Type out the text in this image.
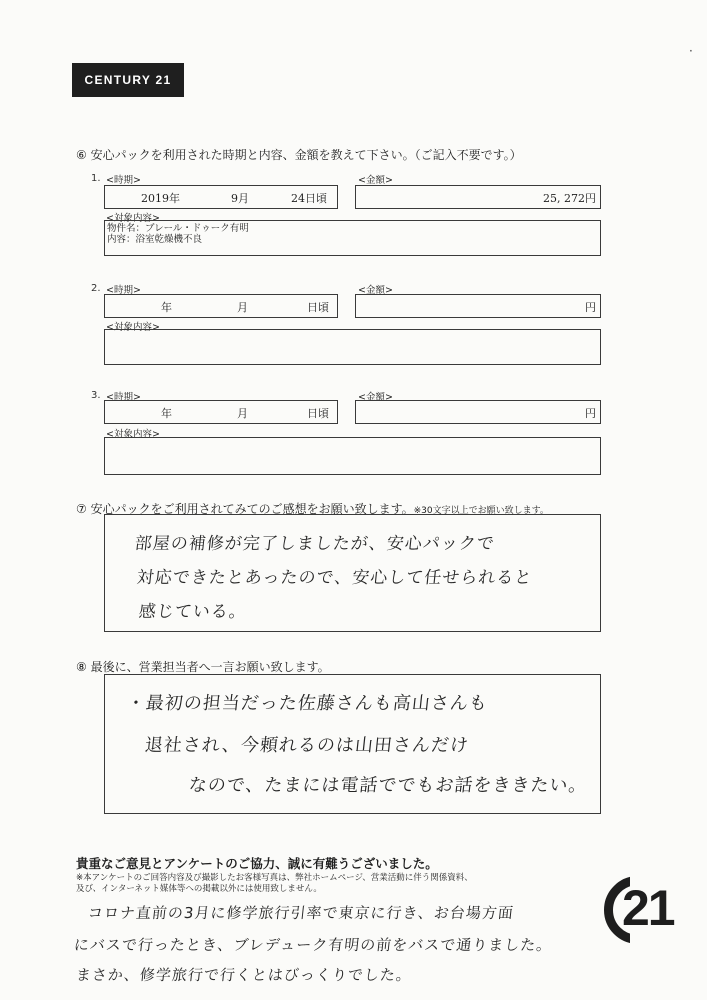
CENTURY 21
·
⑥ 安心パックを利用された時期と内容、金額を教えて下さい。（ご記入不要です。）
1. <時期>	<金額>
2019年	9月	24日頃	25, 272円
<対象内容>
物件名：ブレール・ドゥーク有明
内容：浴室乾燥機不良
2. <時期>	<金額>
年	月	日頃	円
<対象内容>
3. <時期>	<金額>
年	月	日頃	円
<対象内容>
⑦ 安心パックをご利用されてみてのご感想をお願い致します。※30文字以上でお願い致します。
部屋の補修が完了しましたが、安心パックで
対応できたとあったので、安心して任せられると
感じている。
⑧ 最後に、営業担当者へ一言お願い致します。
・最初の担当だった佐藤さんも高山さんも
退社され、今頼れるのは山田さんだけ
なので、たまには電話ででもお話をききたい。
貴重なご意見とアンケートのご協力、誠に有難うございました。
※本アンケートのご回答内容及び撮影したお客様写真は、弊社ホームページ、営業活動に伴う関係資料、
及び、インターネット媒体等への掲載以外には使用致しません。
コロナ直前の3月に修学旅行引率で東京に行き、お台場方面
にバスで行ったとき、ブレデューク有明の前をバスで通りました。
まさか、修学旅行で行くとはびっくりでした。
21
